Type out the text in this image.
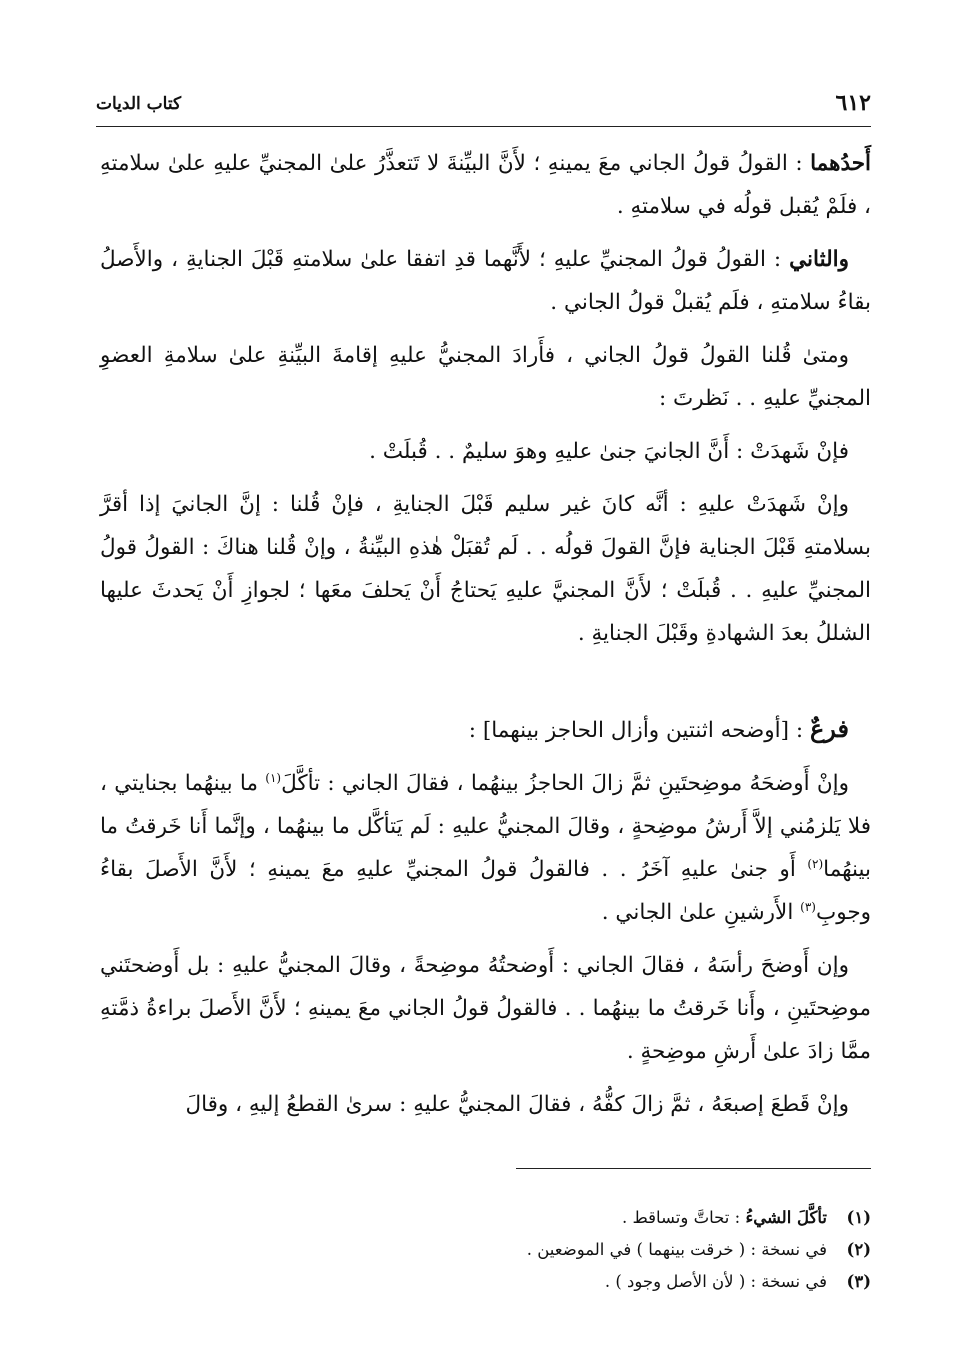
٦١٢
كتاب الديات

أَحدُهما : القولُ قولُ الجاني معَ يمينهِ ؛ لأَنَّ البيِّنةَ لا تَتعذَّرُ علىٰ المجنيِّ عليهِ علىٰ سلامتهِ ، فلَمْ يُقبل قولُه في سلامتهِ .

والثاني : القولُ قولُ المجنيِّ عليهِ ؛ لأَنَّهما قدِ اتفقا علىٰ سلامتهِ قَبْلَ الجنايةِ ، والأَصلُ بقاءُ سلامتهِ ، فلَم يُقبلْ قولُ الجاني .

ومتىٰ قُلنا القولُ قولُ الجاني ، فأَرادَ المجنيُّ عليهِ إقامةَ البيِّنةِ علىٰ سلامةِ العضوِ المجنيِّ عليهِ . . نَظرتَ :

فإنْ شَهدَتْ : أَنَّ الجانيَ جنىٰ عليهِ وهوَ سليمٌ . . قُبلَتْ .

وإنْ شَهدَتْ عليهِ : أنَّه كانَ غير سليم قَبْلَ الجنايةِ ، فإنْ قُلنا : إنَّ الجانيَ إذا أقرَّ بسلامتهِ قَبْلَ الجناية فإنَّ القولَ قولُه . . لَم تُقبَلْ هٰذهِ البيِّنةُ ، وإنْ قُلنا هناكَ : القولُ قولُ المجنيِّ عليهِ . . قُبلَتْ ؛ لأَنَّ المجنيَّ عليهِ يَحتاجُ أَنْ يَحلفَ معَها ؛ لجوازِ أَنْ يَحدثَ عليها الشللُ بعدَ الشهادةِ وقَبْلَ الجنايةِ .

فرعٌ : [أوضحه اثنتين وأزال الحاجز بينهما] :

وإنْ أَوضحَهُ موضِحتَينِ ثمَّ زالَ الحاجزُ بينهُما ، فقالَ الجاني : تأكَّلَ$^{(١)}$ ما بينهُما بجنايتي ، فلا يَلزمُني إلاَّ أَرشُ موضِحةٍ ، وقالَ المجنيُّ عليهِ : لَم يَتأكَّل ما بينهُما ، وإنَّما أَنا خَرقتُ ما بينهُما$^{(٢)}$ أَو جنىٰ عليهِ آخَرُ . . فالقولُ قولُ المجنيِّ عليهِ معَ يمينهِ ؛ لأَنَّ الأَصلَ بقاءُ وجوبِ$^{(٣)}$ الأَرشينِ علىٰ الجاني .

وإن أَوضحَ رأسَهُ ، فقالَ الجاني : أَوضحتُهُ موضِحةً ، وقالَ المجنيُّ عليهِ : بل أَوضحتَني موضِحتَينِ ، وأَنا خَرقتُ ما بينهُما . . فالقولُ قولُ الجاني معَ يمينهِ ؛ لأَنَّ الأَصلَ براءةُ ذمَّتهِ ممَّا زادَ علىٰ أَرشِ موضِحةٍ .

وإنْ قَطعَ إصبعَهُ ، ثمَّ زالَ كفُّهُ ، فقالَ المجنيُّ عليهِ : سرىٰ القطعُ إليهِ ، وقالَ

(١)تأكَّلَ الشيءُ : تحاتَّ وتساقط .
(٢)في نسخة : ( خرقت بينهما ) في الموضعين .
(٣)في نسخة : ( لأن الأصل وجود ) .
